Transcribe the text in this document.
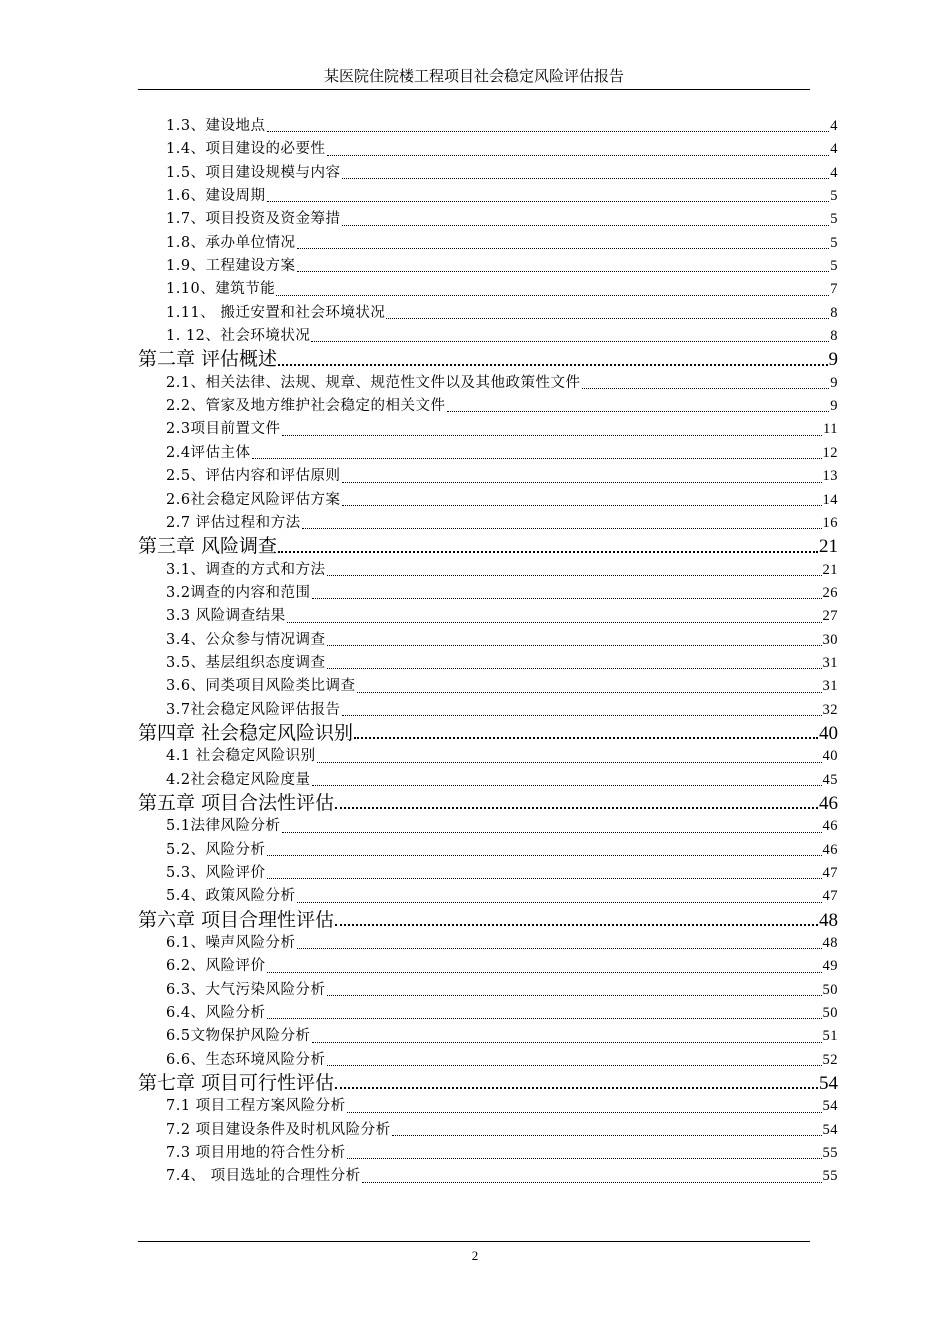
某医院住院楼工程项目社会稳定风险评估报告
1.3、建设地点	4
1.4、项目建设的必要性	4
1.5、项目建设规模与内容	4
1.6、建设周期	5
1.7、项目投资及资金筹措	5
1.8、承办单位情况	5
1.9、工程建设方案	5
1.10、建筑节能	7
1.11、 搬迁安置和社会环境状况	8
1. 12、社会环境状况	8
第二章 评估概述	9
2.1、相关法律、法规、规章、规范性文件以及其他政策性文件	9
2.2、管家及地方维护社会稳定的相关文件	9
2.3项目前置文件	11
2.4评估主体	12
2.5、评估内容和评估原则	13
2.6社会稳定风险评估方案	14
2.7 评估过程和方法	16
第三章 风险调查	21
3.1、调查的方式和方法	21
3.2调查的内容和范围	26
3.3 风险调查结果	27
3.4、公众参与情况调查	30
3.5、基层组织态度调查	31
3.6、同类项目风险类比调查	31
3.7社会稳定风险评估报告	32
第四章 社会稳定风险识别	40
4.1 社会稳定风险识别	40
4.2社会稳定风险度量	45
第五章 项目合法性评估	46
5.1法律风险分析	46
5.2、风险分析	46
5.3、风险评价	47
5.4、政策风险分析	47
第六章 项目合理性评估	48
6.1、噪声风险分析	48
6.2、风险评价	49
6.3、大气污染风险分析	50
6.4、风险分析	50
6.5文物保护风险分析	51
6.6、生态环境风险分析	52
第七章 项目可行性评估	54
7.1 项目工程方案风险分析	54
7.2 项目建设条件及时机风险分析	54
7.3 项目用地的符合性分析	55
7.4、 项目选址的合理性分析	55
2
